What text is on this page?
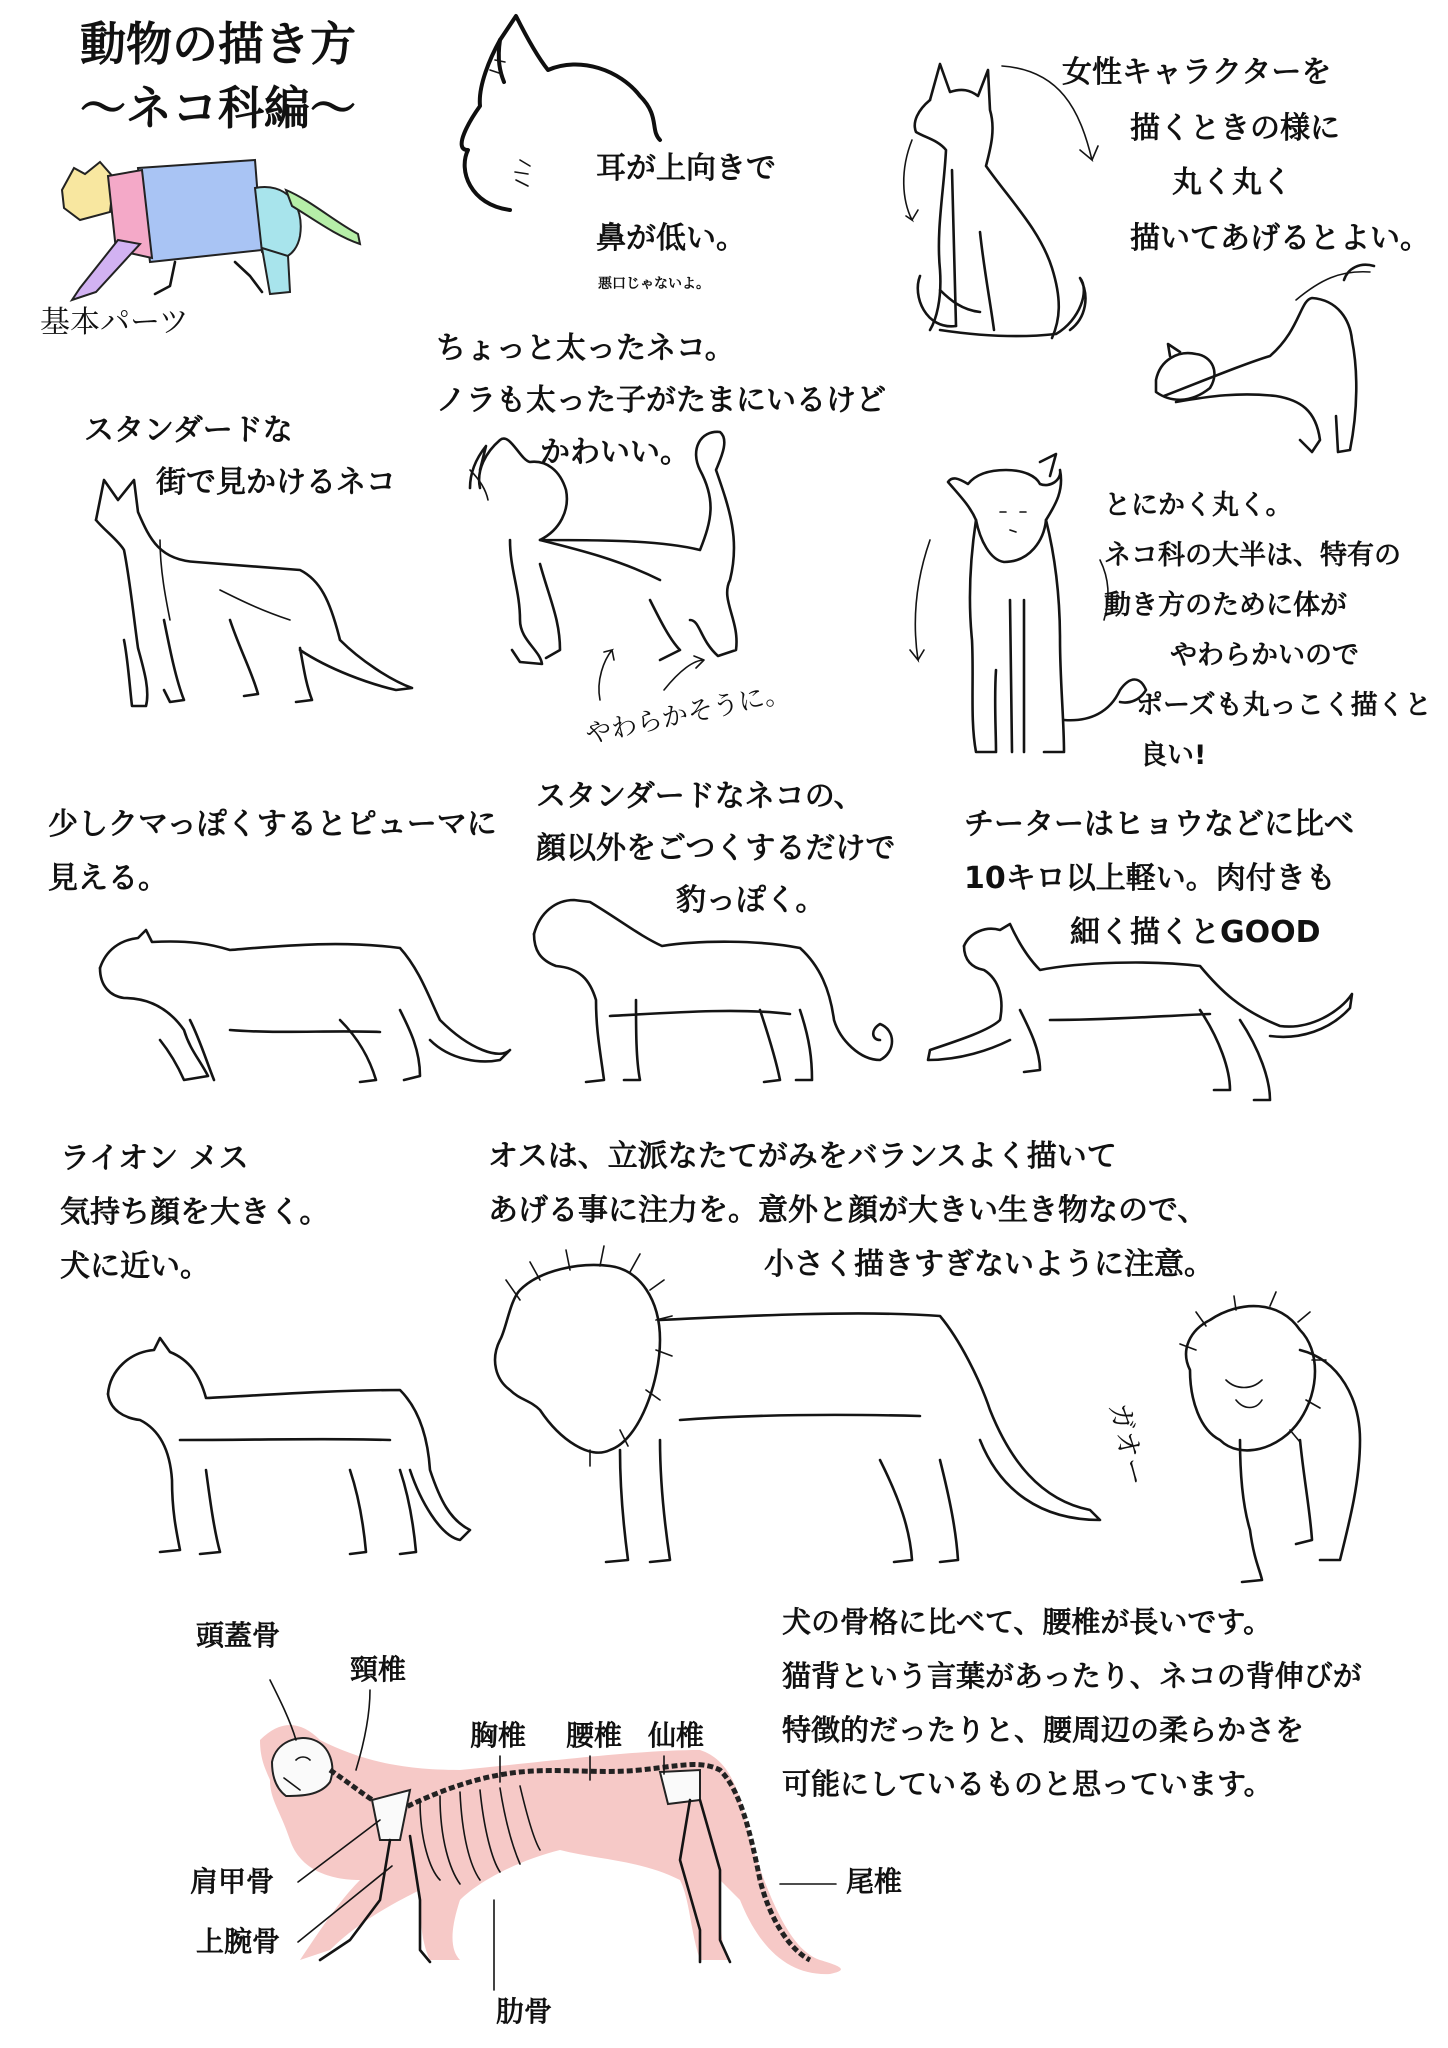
動物の描き方
〜ネコ科編〜
基本パーツ
耳が上向きで
鼻が低い。
悪口じゃないよ。
女性キャラクターを
描くときの様に
丸く丸く
描いてあげるとよい。
スタンダードな
街で見かけるネコ
ちょっと太ったネコ。
ノラも太った子がたまにいるけど
かわいい。
やわらかそうに。
とにかく丸く。
ネコ科の大半は、特有の
動き方のために体が
やわらかいので
ポーズも丸っこく描くと
良い!
少しクマっぽくするとピューマに
見える。
スタンダードなネコの、
顔以外をごつくするだけで
豹っぽく。
チーターはヒョウなどに比べ
10キロ以上軽い。肉付きも
細く描くとGOOD
ライオン メス
気持ち顔を大きく。
犬に近い。
オスは、立派なたてがみをバランスよく描いて
あげる事に注力を。意外と顔が大きい生き物なので、
小さく描きすぎないように注意。
ガオー
頭蓋骨
頸椎
胸椎 腰椎 仙椎
肩甲骨
上腕骨
肋骨
尾椎
犬の骨格に比べて、腰椎が長いです。
猫背という言葉があったり、ネコの背伸びが
特徴的だったりと、腰周辺の柔らかさを
可能にしているものと思っています。
